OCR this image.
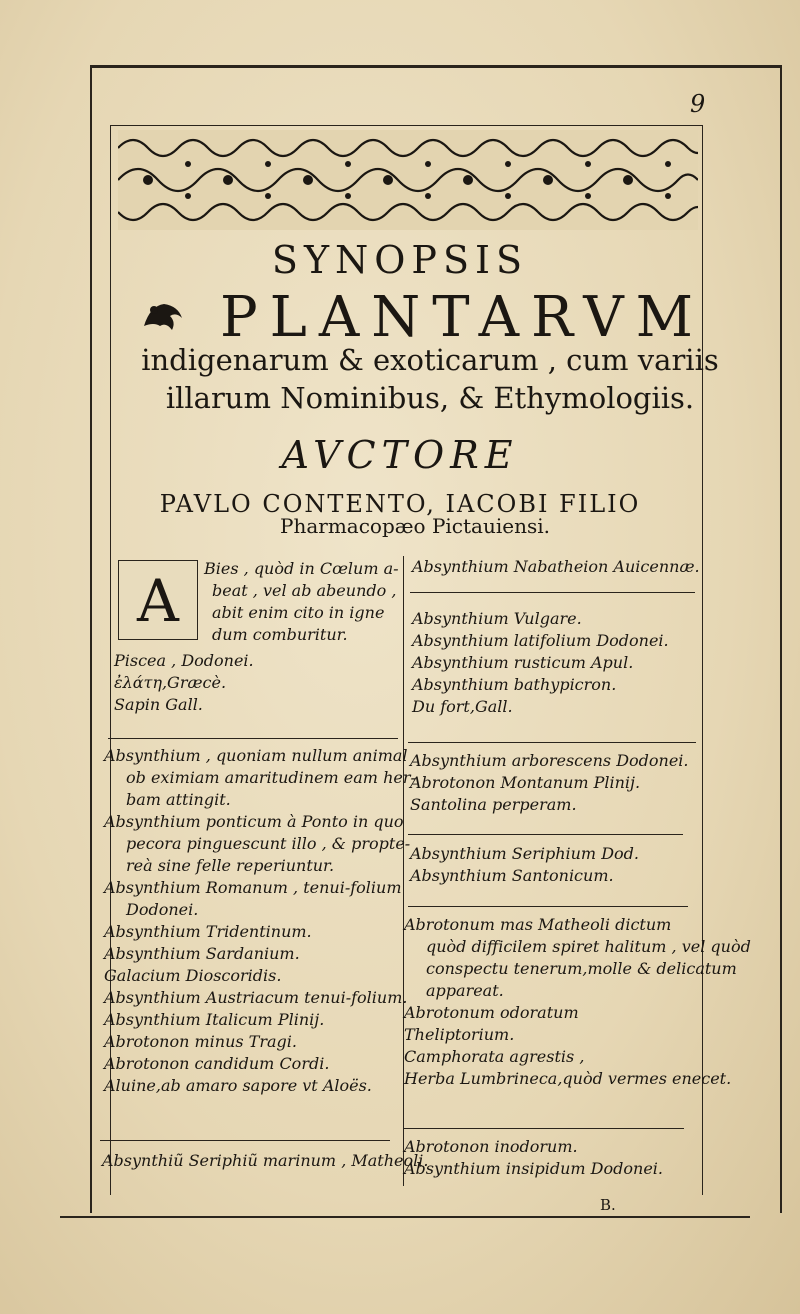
9
SYNOPSIS
PLANTARVM
indigenarum & exoticarum , cum variis
illarum Nominibus, & Ethymologiis.
AVCTORE
PAVLO CONTENTO, IACOBI FILIO
Pharmacopæo Pictauiensi.
A	Bies , quòd in Cœlum a-
beat , vel ab abeundo ,
abit enim cito in igne
dum comburitur.
Piscea , Dodonei.
ἐλάτη,Græcè.
Sapin Gall.
Absynthium Nabatheion Auicennæ.
Absynthium Vulgare.
Absynthium latifolium Dodonei.
Absynthium rusticum Apul.
Absynthium bathypicron.
Du fort,Gall.
Absynthium , quoniam nullum animal
ob eximiam amaritudinem eam her-
bam attingit.
Absynthium ponticum à Ponto in quo
pecora pinguescunt illo , & propte-
reà sine felle reperiuntur.
Absynthium Romanum , tenui-folium
Dodonei.
Absynthium Tridentinum.
Absynthium Sardanium.
Galacium Dioscoridis.
Absynthium Austriacum tenui-folium.
Absynthium Italicum Plinij.
Abrotonon minus Tragi.
Abrotonon candidum Cordi.
Aluine,ab amaro sapore vt Aloës.
Absynthiũ Seriphiũ marinum , Matheoli.
Absynthium arborescens Dodonei.
Abrotonon Montanum Plinij.
Santolina perperam.
Absynthium Seriphium Dod.
Absynthium Santonicum.
Abrotonum mas Matheoli dictum
quòd difficilem spiret halitum , vel quòd
conspectu tenerum,molle & delicatum
appareat.
Abrotonum odoratum
Theliptorium.
Camphorata agrestis ,
Herba Lumbrineca,quòd vermes enecet.
Abrotonon inodorum.
Absynthium insipidum Dodonei.
B.
